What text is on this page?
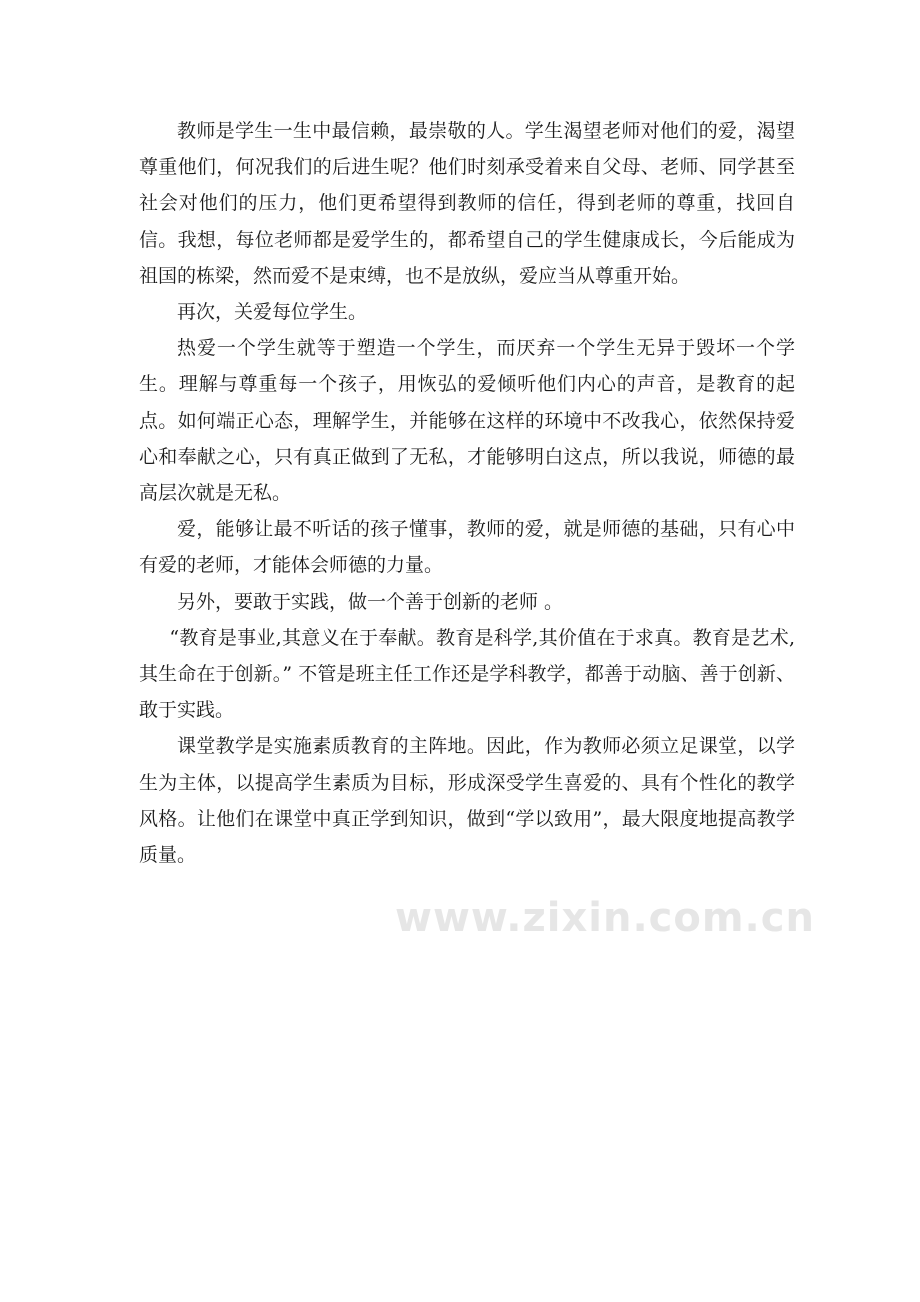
www.zixin.com.cn

教师是学生一生中最信赖，最崇敬的人。学生渴望老师对他们的爱，渴望尊重他们，何况我们的后进生呢？他们时刻承受着来自父母、老师、同学甚至社会对他们的压力，他们更希望得到教师的信任，得到老师的尊重，找回自信。我想，每位老师都是爱学生的，都希望自己的学生健康成长，今后能成为祖国的栋梁，然而爱不是束缚，也不是放纵，爱应当从尊重开始。

再次，关爱每位学生。

热爱一个学生就等于塑造一个学生，而厌弃一个学生无异于毁坏一个学生。理解与尊重每一个孩子，用恢弘的爱倾听他们内心的声音，是教育的起点。如何端正心态，理解学生，并能够在这样的环境中不改我心，依然保持爱心和奉献之心，只有真正做到了无私，才能够明白这点，所以我说，师德的最高层次就是无私。

爱，能够让最不听话的孩子懂事，教师的爱，就是师德的基础，只有心中有爱的老师，才能体会师德的力量。

另外，要敢于实践，做一个善于创新的老师 。

“教育是事业,其意义在于奉献。教育是科学,其价值在于求真。教育是艺术,其生命在于创新。” 不管是班主任工作还是学科教学，都善于动脑、善于创新、敢于实践。

课堂教学是实施素质教育的主阵地。因此，作为教师必须立足课堂，以学生为主体，以提高学生素质为目标，形成深受学生喜爱的、具有个性化的教学风格。让他们在课堂中真正学到知识，做到“学以致用”，最大限度地提高教学质量。
